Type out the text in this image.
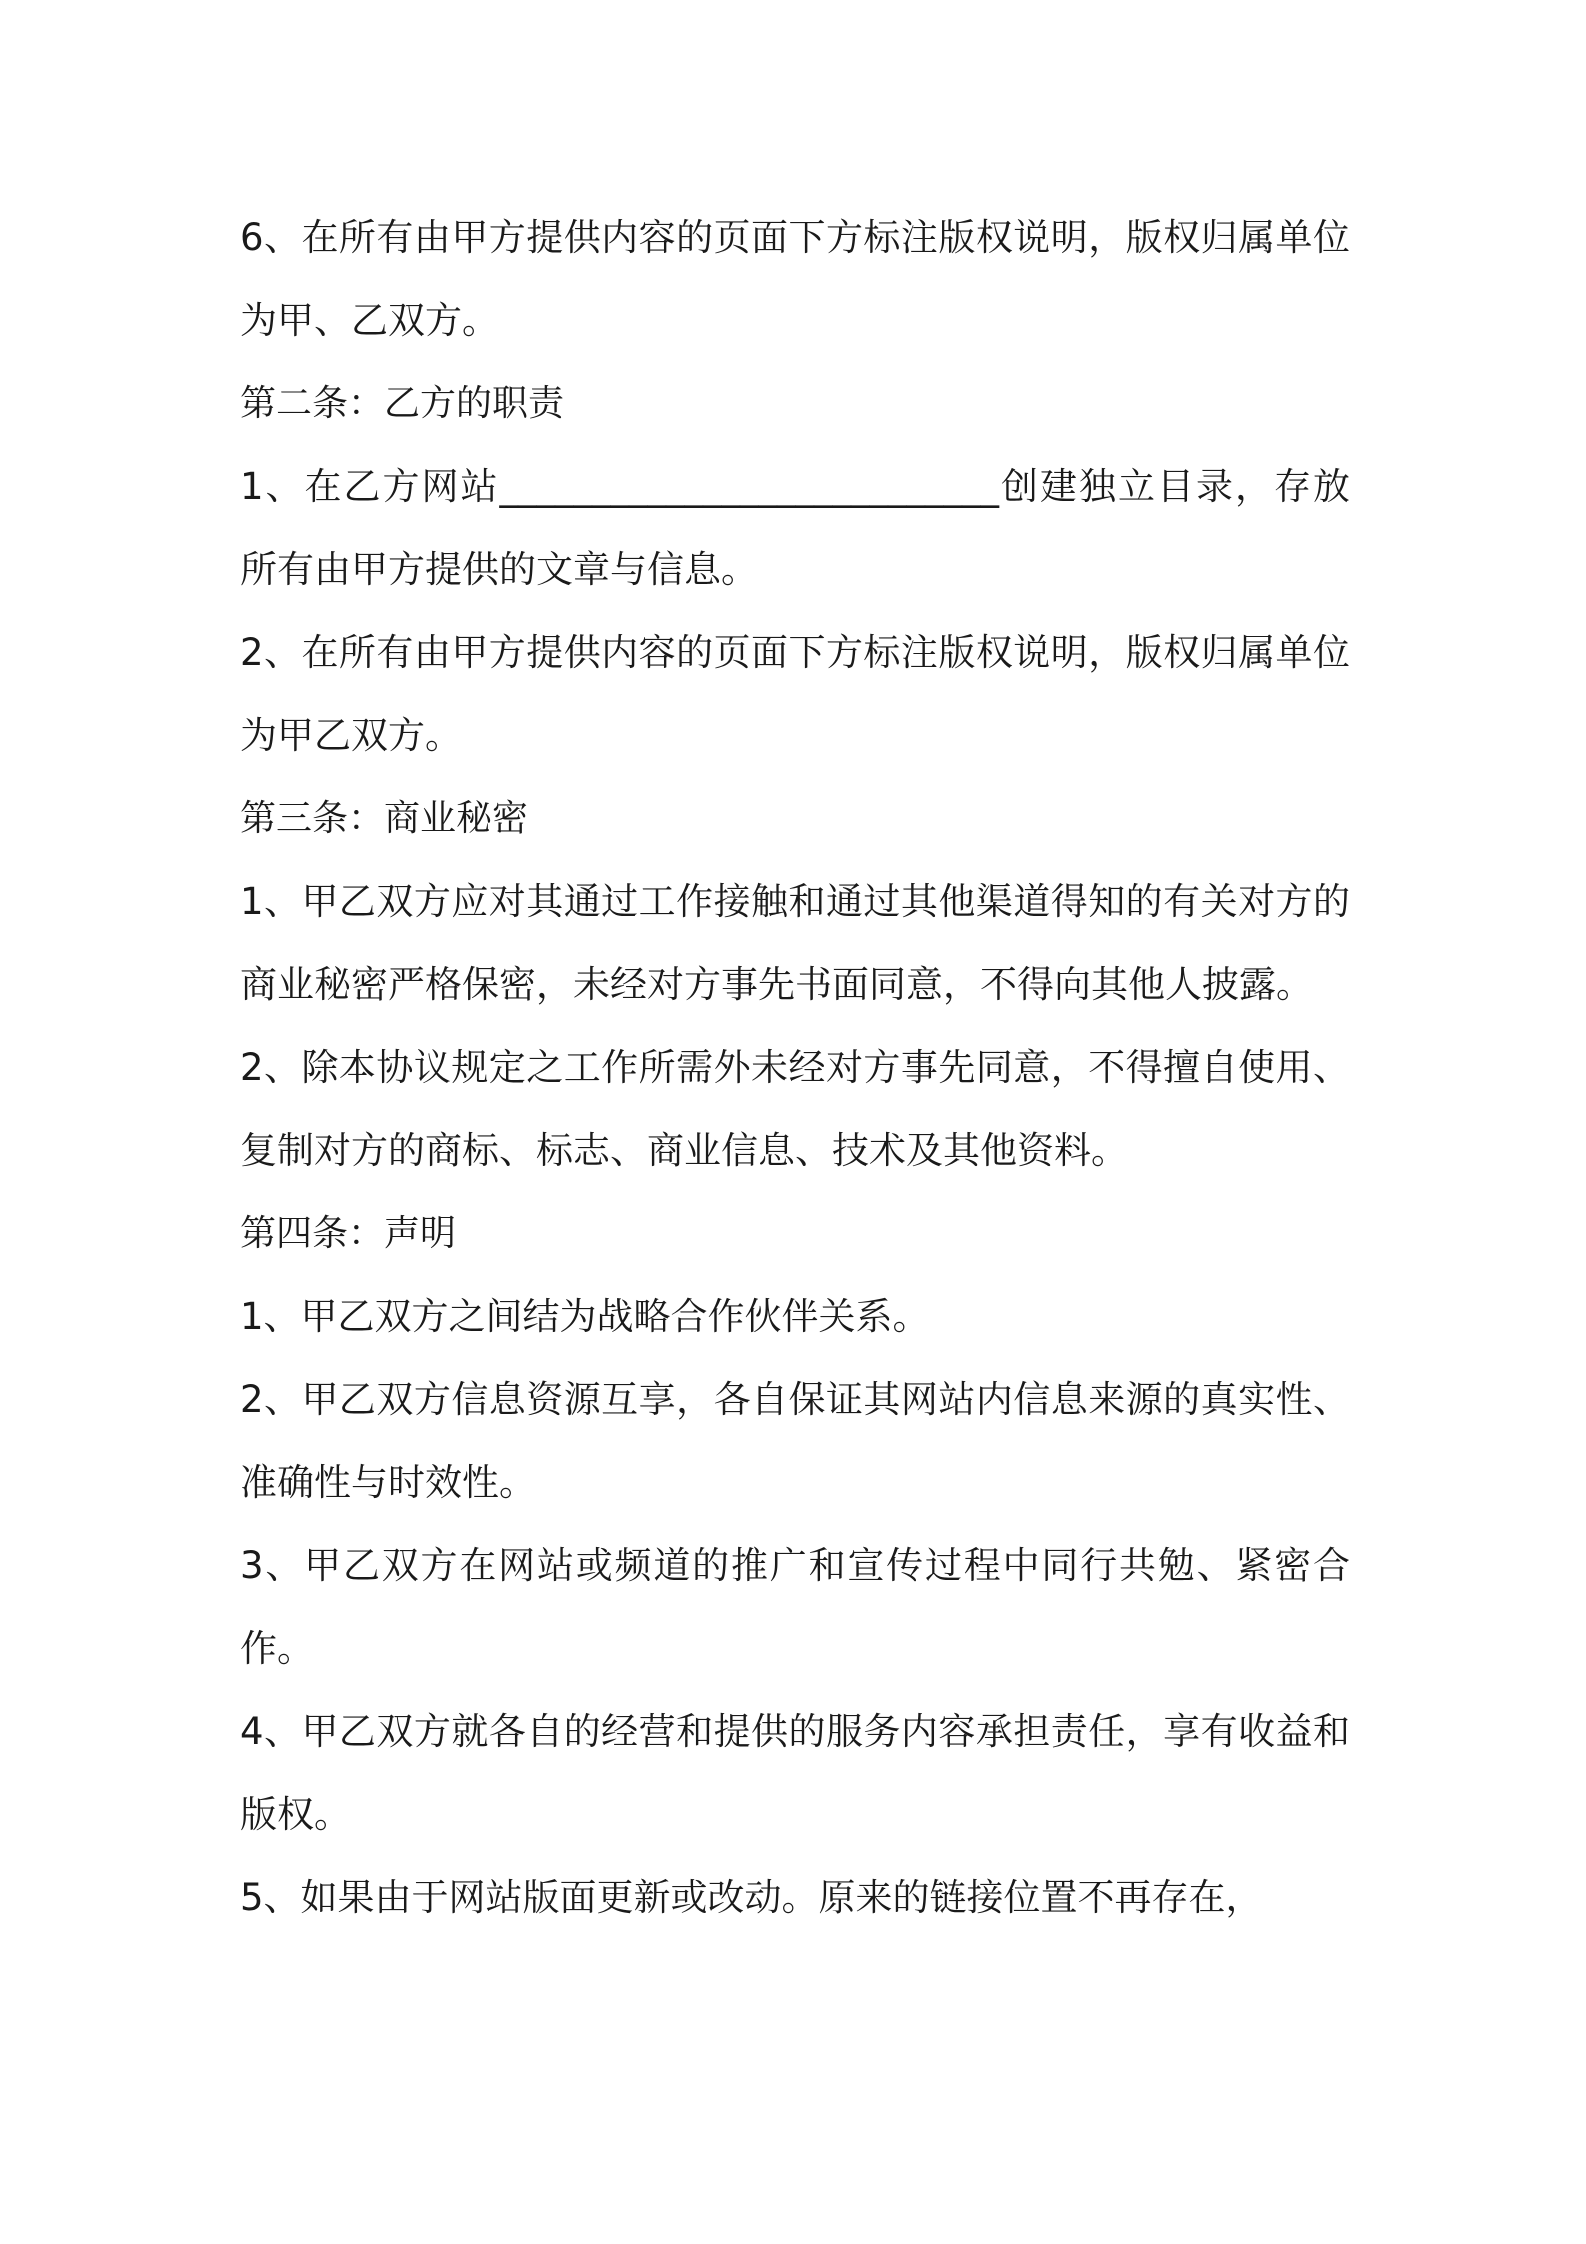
6、在所有由甲方提供内容的页面下方标注版权说明，版权归属单位为甲、乙双方。

第二条：乙方的职责

1、在乙方网站___________________________创建独立目录，存放所有由甲方提供的文章与信息。

2、在所有由甲方提供内容的页面下方标注版权说明，版权归属单位为甲乙双方。

第三条：商业秘密

1、甲乙双方应对其通过工作接触和通过其他渠道得知的有关对方的商业秘密严格保密，未经对方事先书面同意，不得向其他人披露。

2、除本协议规定之工作所需外未经对方事先同意，不得擅自使用、复制对方的商标、标志、商业信息、技术及其他资料。

第四条：声明

1、甲乙双方之间结为战略合作伙伴关系。

2、甲乙双方信息资源互享，各自保证其网站内信息来源的真实性、准确性与时效性。

3、甲乙双方在网站或频道的推广和宣传过程中同行共勉、紧密合作。

4、甲乙双方就各自的经营和提供的服务内容承担责任，享有收益和版权。

5、如果由于网站版面更新或改动。原来的链接位置不再存在，
